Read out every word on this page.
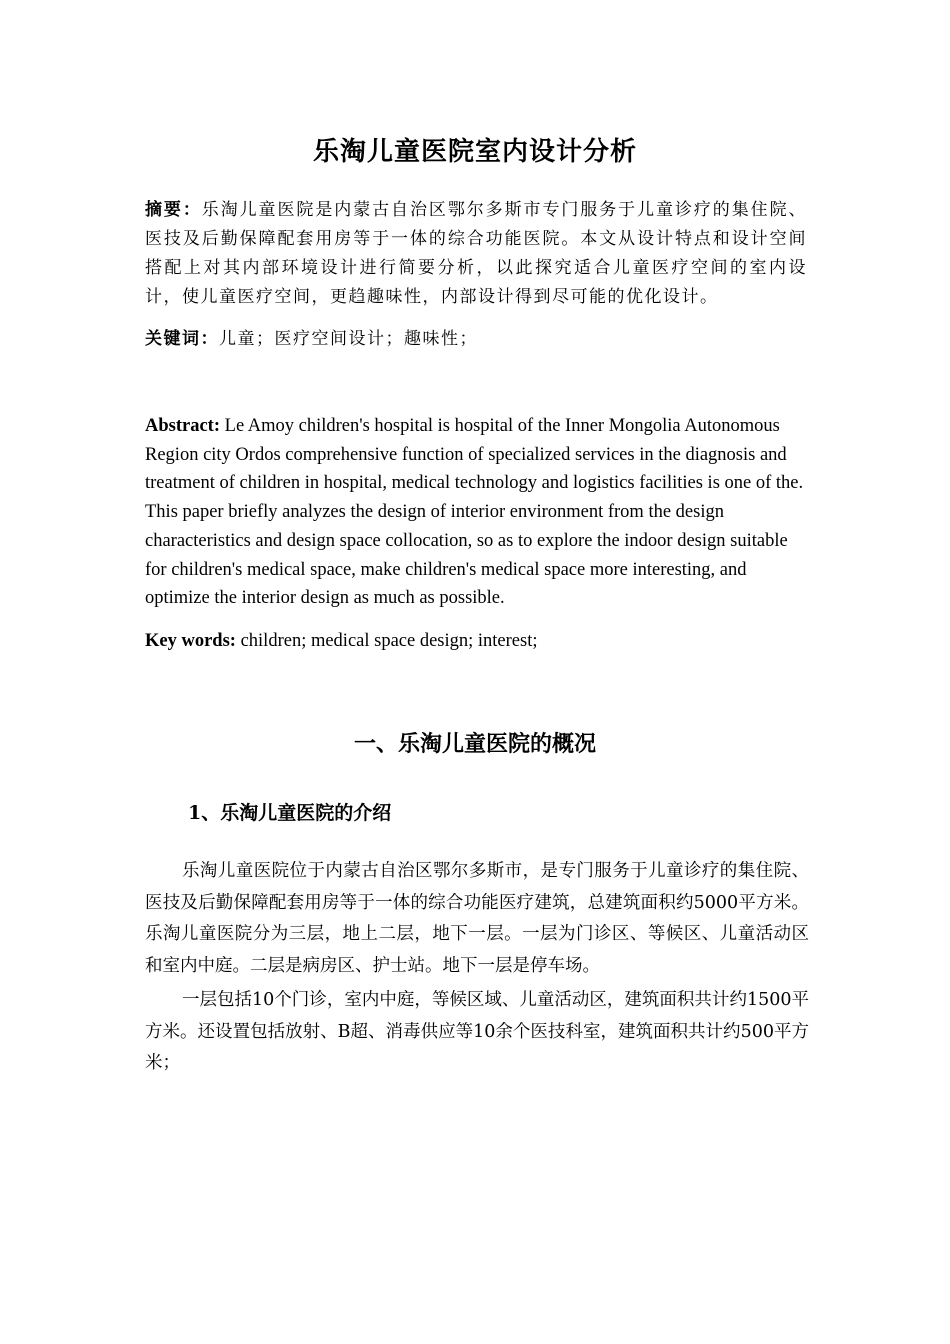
乐淘儿童医院室内设计分析
摘要：乐淘儿童医院是内蒙古自治区鄂尔多斯市专门服务于儿童诊疗的集住院、医技及后勤保障配套用房等于一体的综合功能医院。本文从设计特点和设计空间搭配上对其内部环境设计进行简要分析，以此探究适合儿童医疗空间的室内设计，使儿童医疗空间，更趋趣味性，内部设计得到尽可能的优化设计。
关键词：儿童；医疗空间设计；趣味性；
Abstract: Le Amoy children's hospital is hospital of the Inner Mongolia Autonomous Region city Ordos comprehensive function of specialized services in the diagnosis and treatment of children in hospital, medical technology and logistics facilities is one of the. This paper briefly analyzes the design of interior environment from the design characteristics and design space collocation, so as to explore the indoor design suitable for children's medical space, make children's medical space more interesting, and optimize the interior design as much as possible.
Key words: children; medical space design; interest;
一、乐淘儿童医院的概况
1、乐淘儿童医院的介绍
乐淘儿童医院位于内蒙古自治区鄂尔多斯市，是专门服务于儿童诊疗的集住院、医技及后勤保障配套用房等于一体的综合功能医疗建筑，总建筑面积约5000平方米。乐淘儿童医院分为三层，地上二层，地下一层。一层为门诊区、等候区、儿童活动区和室内中庭。二层是病房区、护士站。地下一层是停车场。
一层包括10个门诊，室内中庭，等候区域、儿童活动区，建筑面积共计约1500平方米。还设置包括放射、B超、消毒供应等10余个医技科室，建筑面积共计约500平方米；
